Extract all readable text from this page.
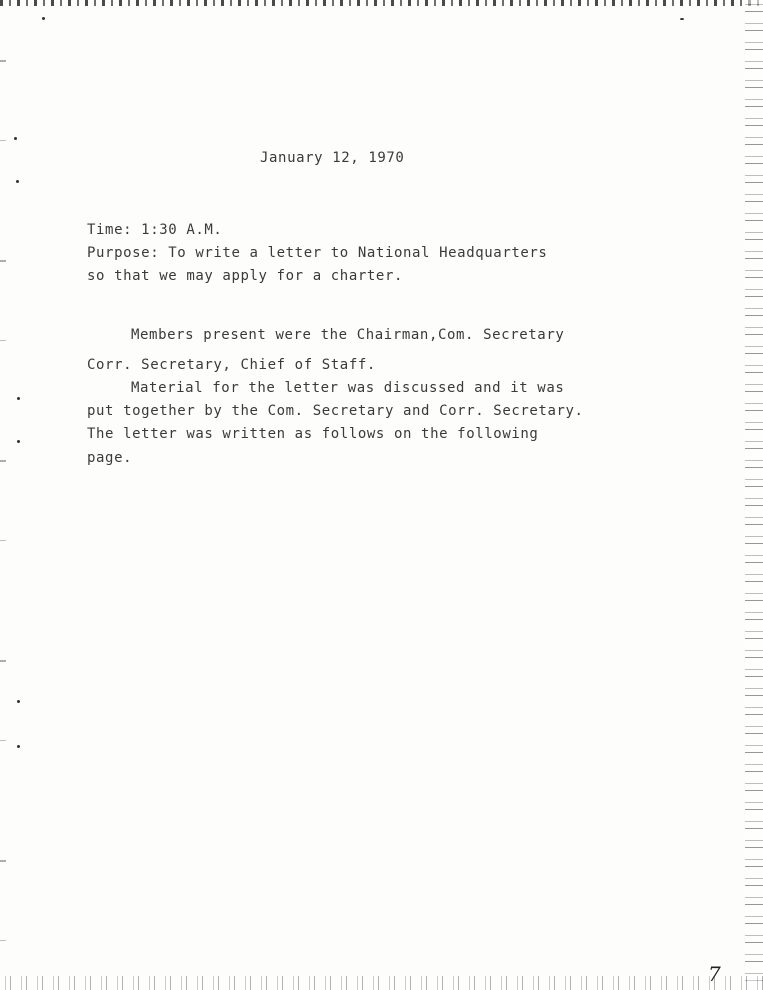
January 12, 1970
Time: 1:30 A.M.
Purpose: To write a letter to National Headquarters
so that we may apply for a charter.
Members present were the Chairman,Com. Secretary
Corr. Secretary, Chief of Staff.
Material for the letter was discussed and it was
put together by the Com. Secretary and Corr. Secretary.
The letter was written as follows on the following
page.
7
